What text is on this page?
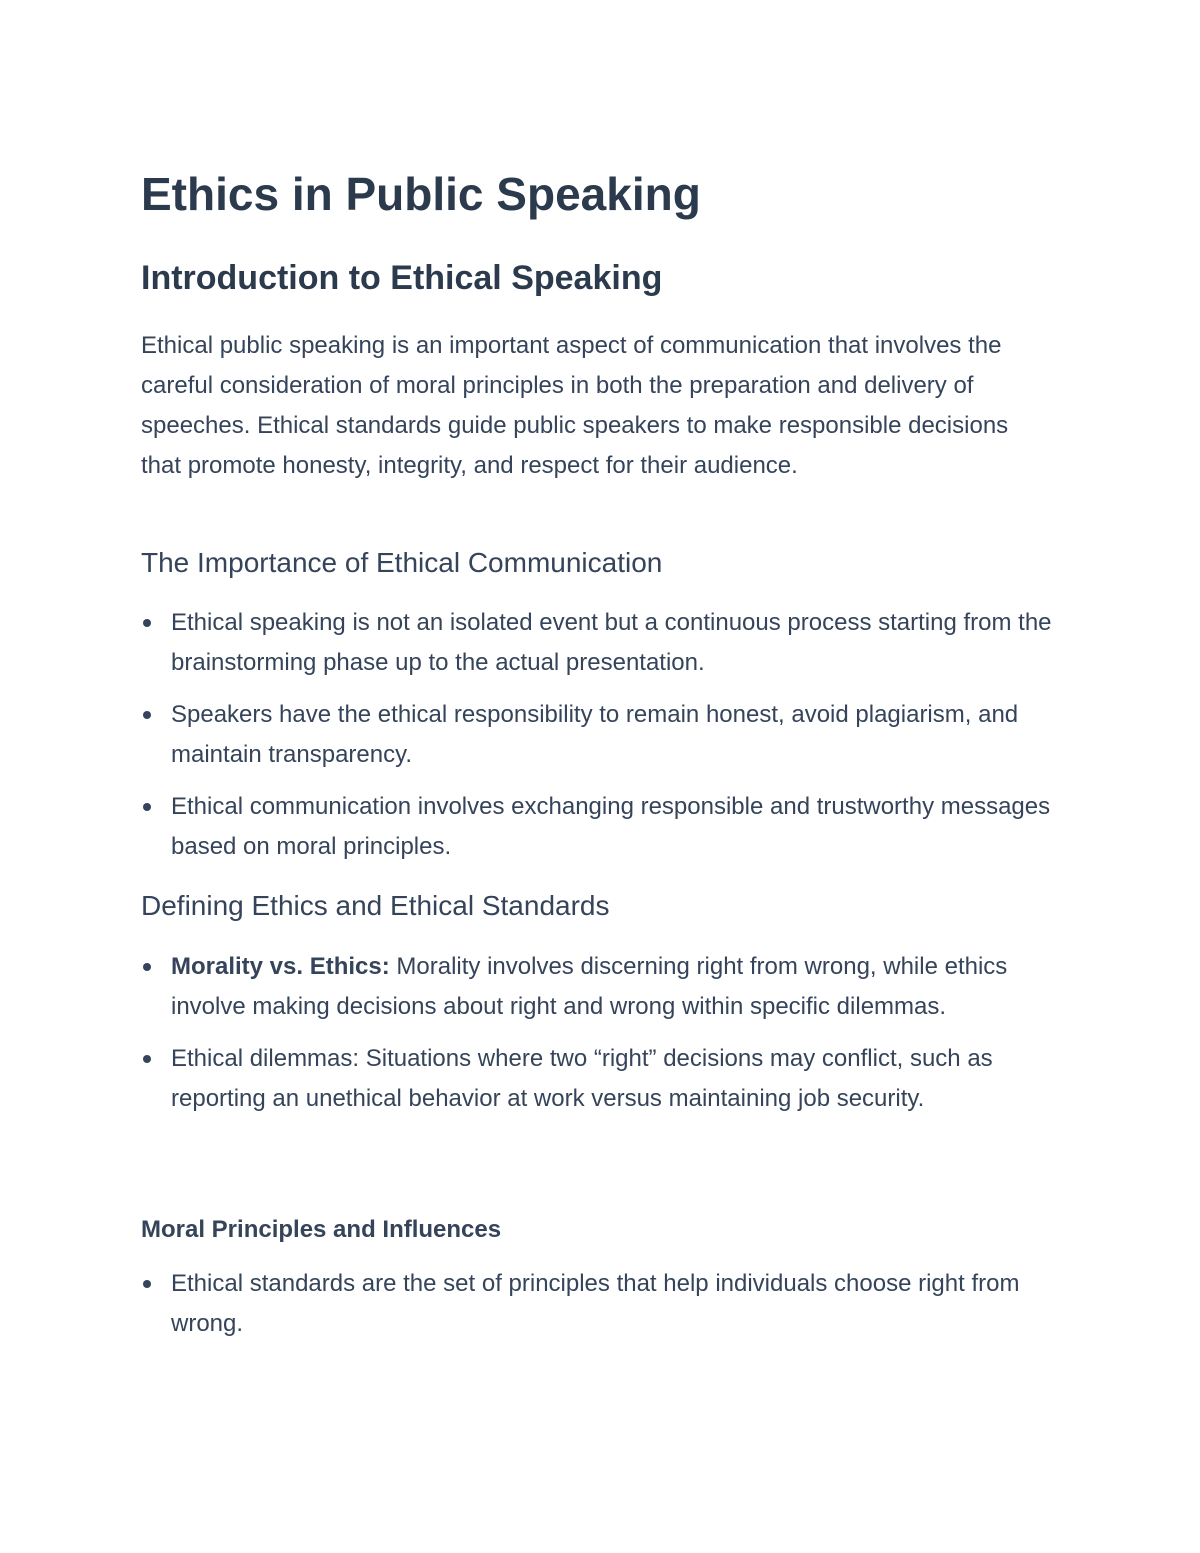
Ethics in Public Speaking
Introduction to Ethical Speaking

Ethical public speaking is an important aspect of communication that involves the careful consideration of moral principles in both the preparation and delivery of speeches. Ethical standards guide public speakers to make responsible decisions that promote honesty, integrity, and respect for their audience.

The Importance of Ethical Communication
Ethical speaking is not an isolated event but a continuous process starting from the brainstorming phase up to the actual presentation.
Speakers have the ethical responsibility to remain honest, avoid plagiarism, and maintain transparency.
Ethical communication involves exchanging responsible and trustworthy messages based on moral principles.
Defining Ethics and Ethical Standards
Morality vs. Ethics: Morality involves discerning right from wrong, while ethics involve making decisions about right and wrong within specific dilemmas.
Ethical dilemmas: Situations where two “right” decisions may conflict, such as reporting an unethical behavior at work versus maintaining job security.
Moral Principles and Influences
Ethical standards are the set of principles that help individuals choose right from wrong.
